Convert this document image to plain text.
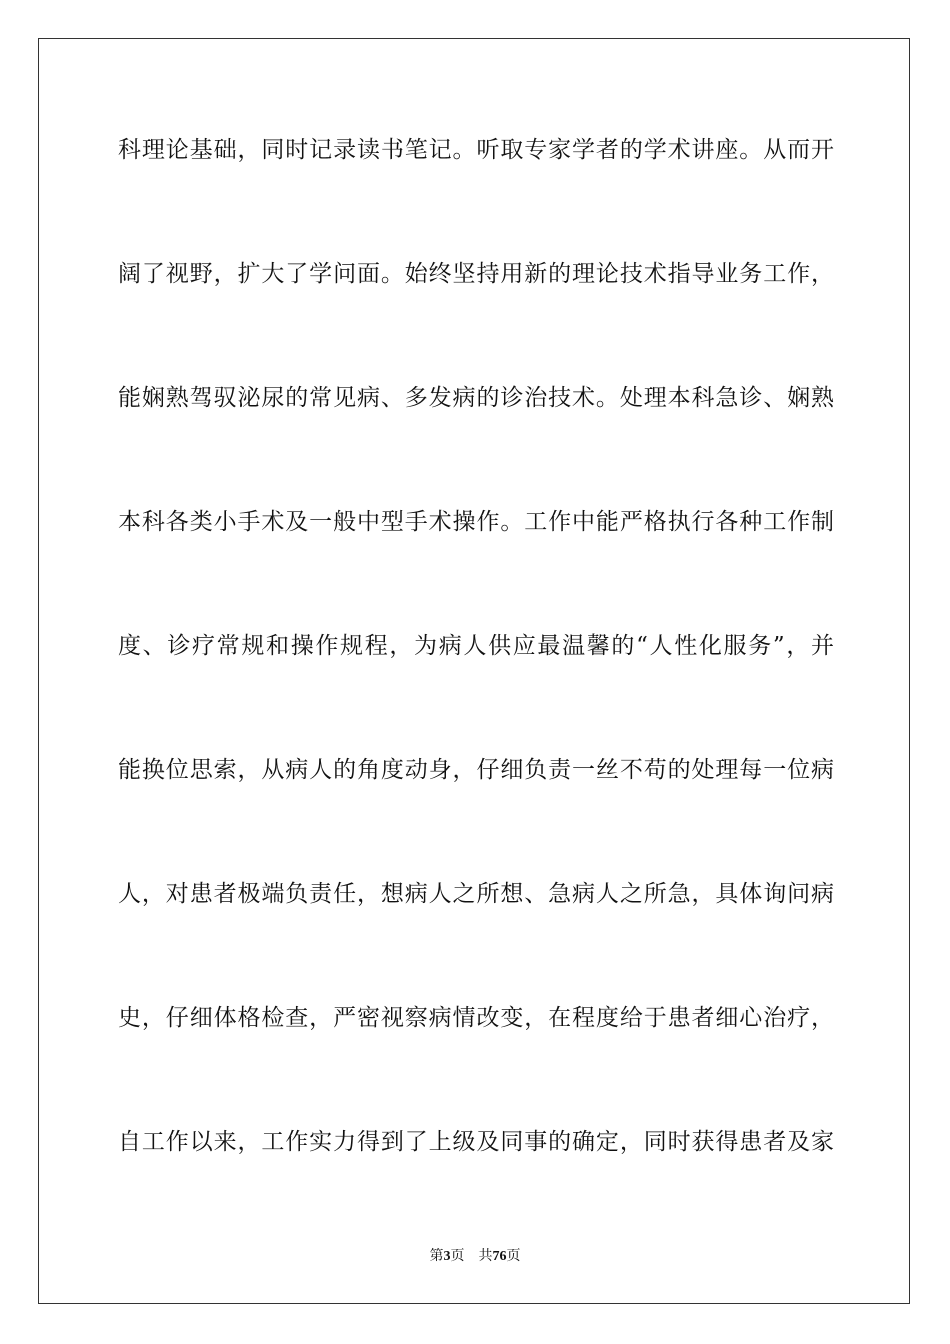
科理论基础，同时记录读书笔记。听取专家学者的学术讲座。从而开
阔了视野，扩大了学问面。始终坚持用新的理论技术指导业务工作，
能娴熟驾驭泌尿的常见病、多发病的诊治技术。处理本科急诊、娴熟
本科各类小手术及一般中型手术操作。工作中能严格执行各种工作制
度、诊疗常规和操作规程，为病人供应最温馨的“人性化服务”，并
能换位思索，从病人的角度动身，仔细负责一丝不苟的处理每一位病
人，对患者极端负责任，想病人之所想、急病人之所急，具体询问病
史，仔细体格检查，严密视察病情改变，在程度给于患者细心治疗，
自工作以来，工作实力得到了上级及同事的确定，同时获得患者及家
第3页 共76页
